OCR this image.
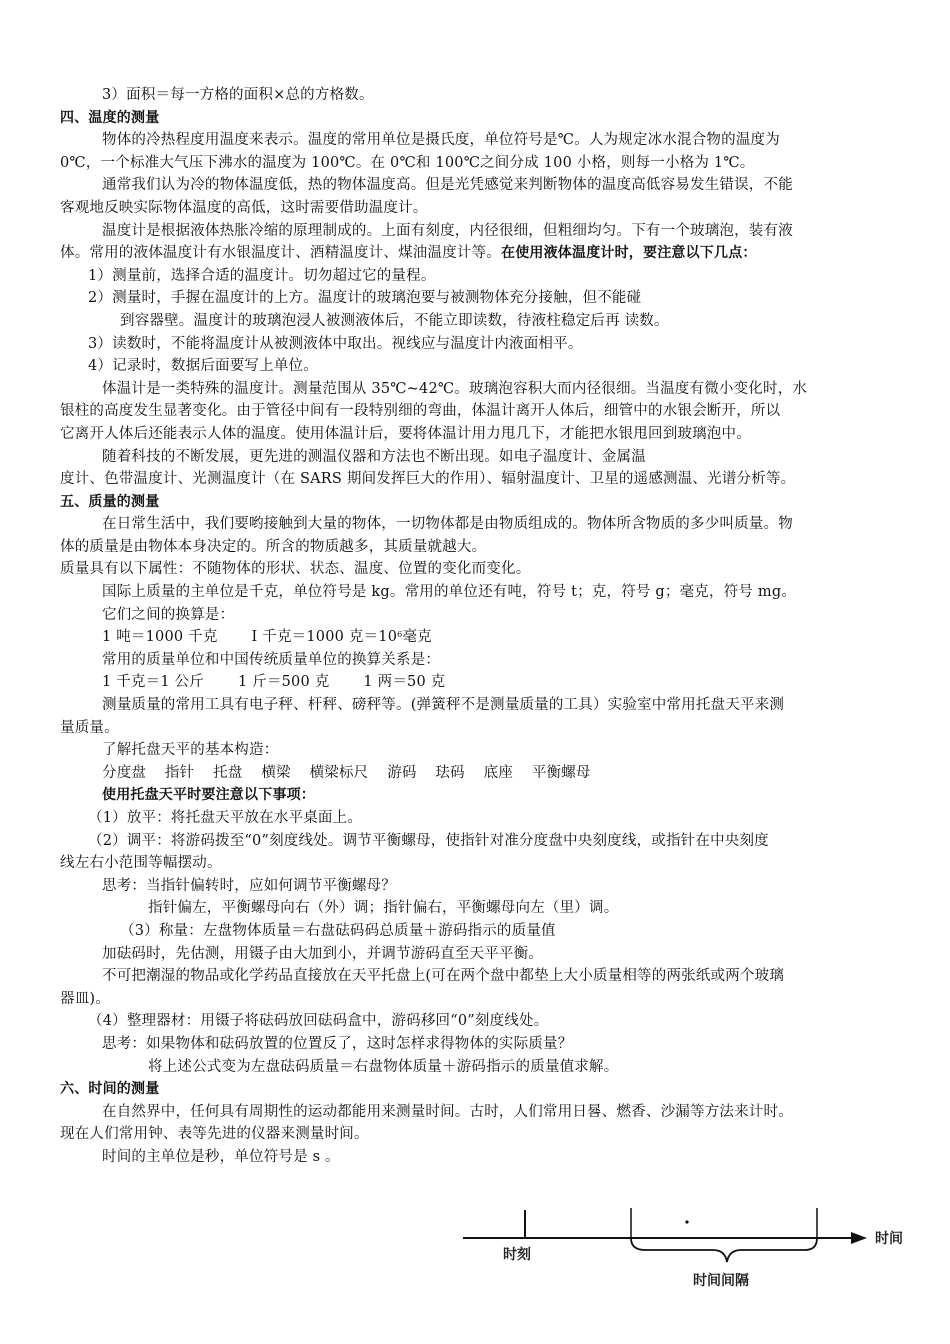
3）面积＝每一方格的面积×总的方格数。
四、温度的测量
物体的冷热程度用温度来表示。温度的常用单位是摄氏度，单位符号是℃。人为规定冰水混合物的温度为
0℃，一个标准大气压下沸水的温度为 100℃。在 0℃和 100℃之间分成 100 小格，则每一小格为 1℃。
通常我们认为冷的物体温度低，热的物体温度高。但是光凭感觉来判断物体的温度高低容易发生错误，不能
客观地反映实际物体温度的高低，这时需要借助温度计。
温度计是根据液体热胀冷缩的原理制成的。上面有刻度，内径很细，但粗细均匀。下有一个玻璃泡，装有液
体。常用的液体温度计有水银温度计、酒精温度计、煤油温度计等。在使用液体温度计时，要注意以下几点：
1）测量前，选择合适的温度计。切勿超过它的量程。
2）测量时，手握在温度计的上方。温度计的玻璃泡要与被测物体充分接触，但不能碰
到容器壁。温度计的玻璃泡浸人被测液体后，不能立即读数，待液柱稳定后再 读数。
3）读数时，不能将温度计从被测液体中取出。视线应与温度计内液面相平。
4）记录时，数据后面要写上单位。
体温计是一类特殊的温度计。测量范围从 35℃~42℃。玻璃泡容积大而内径很细。当温度有微小变化时，水
银柱的高度发生显著变化。由于管径中间有一段特别细的弯曲，体温计离开人体后，细管中的水银会断开，所以
它离开人体后还能表示人体的温度。使用体温计后，要将体温计用力甩几下，才能把水银甩回到玻璃泡中。
随着科技的不断发展，更先进的测温仪器和方法也不断出现。如电子温度计、金属温
度计、色带温度计、光测温度计（在 SARS 期间发挥巨大的作用）、辐射温度计、卫星的遥感测温、光谱分析等。
五、质量的测量
在日常生活中，我们要哟接触到大量的物体，一切物体都是由物质组成的。物体所含物质的多少叫质量。物
体的质量是由物体本身决定的。所含的物质越多，其质量就越大。
质量具有以下属性：不随物体的形状、状态、温度、位置的变化而变化。
国际上质量的主单位是千克，单位符号是 kg。常用的单位还有吨，符号 t；克，符号 g；毫克，符号 mg。
它们之间的换算是：
1 吨＝1000 千克 I 千克＝1000 克$=10^6$毫克
常用的质量单位和中国传统质量单位的换算关系是：
1 千克＝1 公斤 1 斤＝500 克 1 两＝50 克
测量质量的常用工具有电子秤、杆秤、磅秤等。(弹簧秤不是测量质量的工具）实验室中常用托盘天平来测
量质量。
了解托盘天平的基本构造：
分度盘 指针 托盘 横梁 横梁标尺 游码 珐码 底座 平衡螺母
使用托盘天平时要注意以下事项：
（1）放平：将托盘天平放在水平桌面上。
（2）调平：将游码拨至“0”刻度线处。调节平衡螺母，使指针对准分度盘中央刻度线，或指针在中央刻度
线左右小范围等幅摆动。
思考：当指针偏转时，应如何调节平衡螺母？
指针偏左，平衡螺母向右（外）调；指针偏右，平衡螺母向左（里）调。
（3）称量：左盘物体质量＝右盘砝码码总质量＋游码指示的质量值
加砝码时，先估测，用镊子由大加到小，并调节游码直至天平平衡。
不可把潮湿的物品或化学药品直接放在天平托盘上(可在两个盘中都垫上大小质量相等的两张纸或两个玻璃
器皿)。
（4）整理器材：用镊子将砝码放回砝码盒中，游码移回“0”刻度线处。
思考：如果物体和砝码放置的位置反了，这时怎样求得物体的实际质量？
将上述公式变为左盘砝码质量＝右盘物体质量＋游码指示的质量值求解。
六、时间的测量
在自然界中，任何具有周期性的运动都能用来测量时间。古时，人们常用日晷、燃香、沙漏等方法来计时。
现在人们常用钟、表等先进的仪器来测量时间。
时间的主单位是秒，单位符号是 s 。
时刻
时间间隔
时间
